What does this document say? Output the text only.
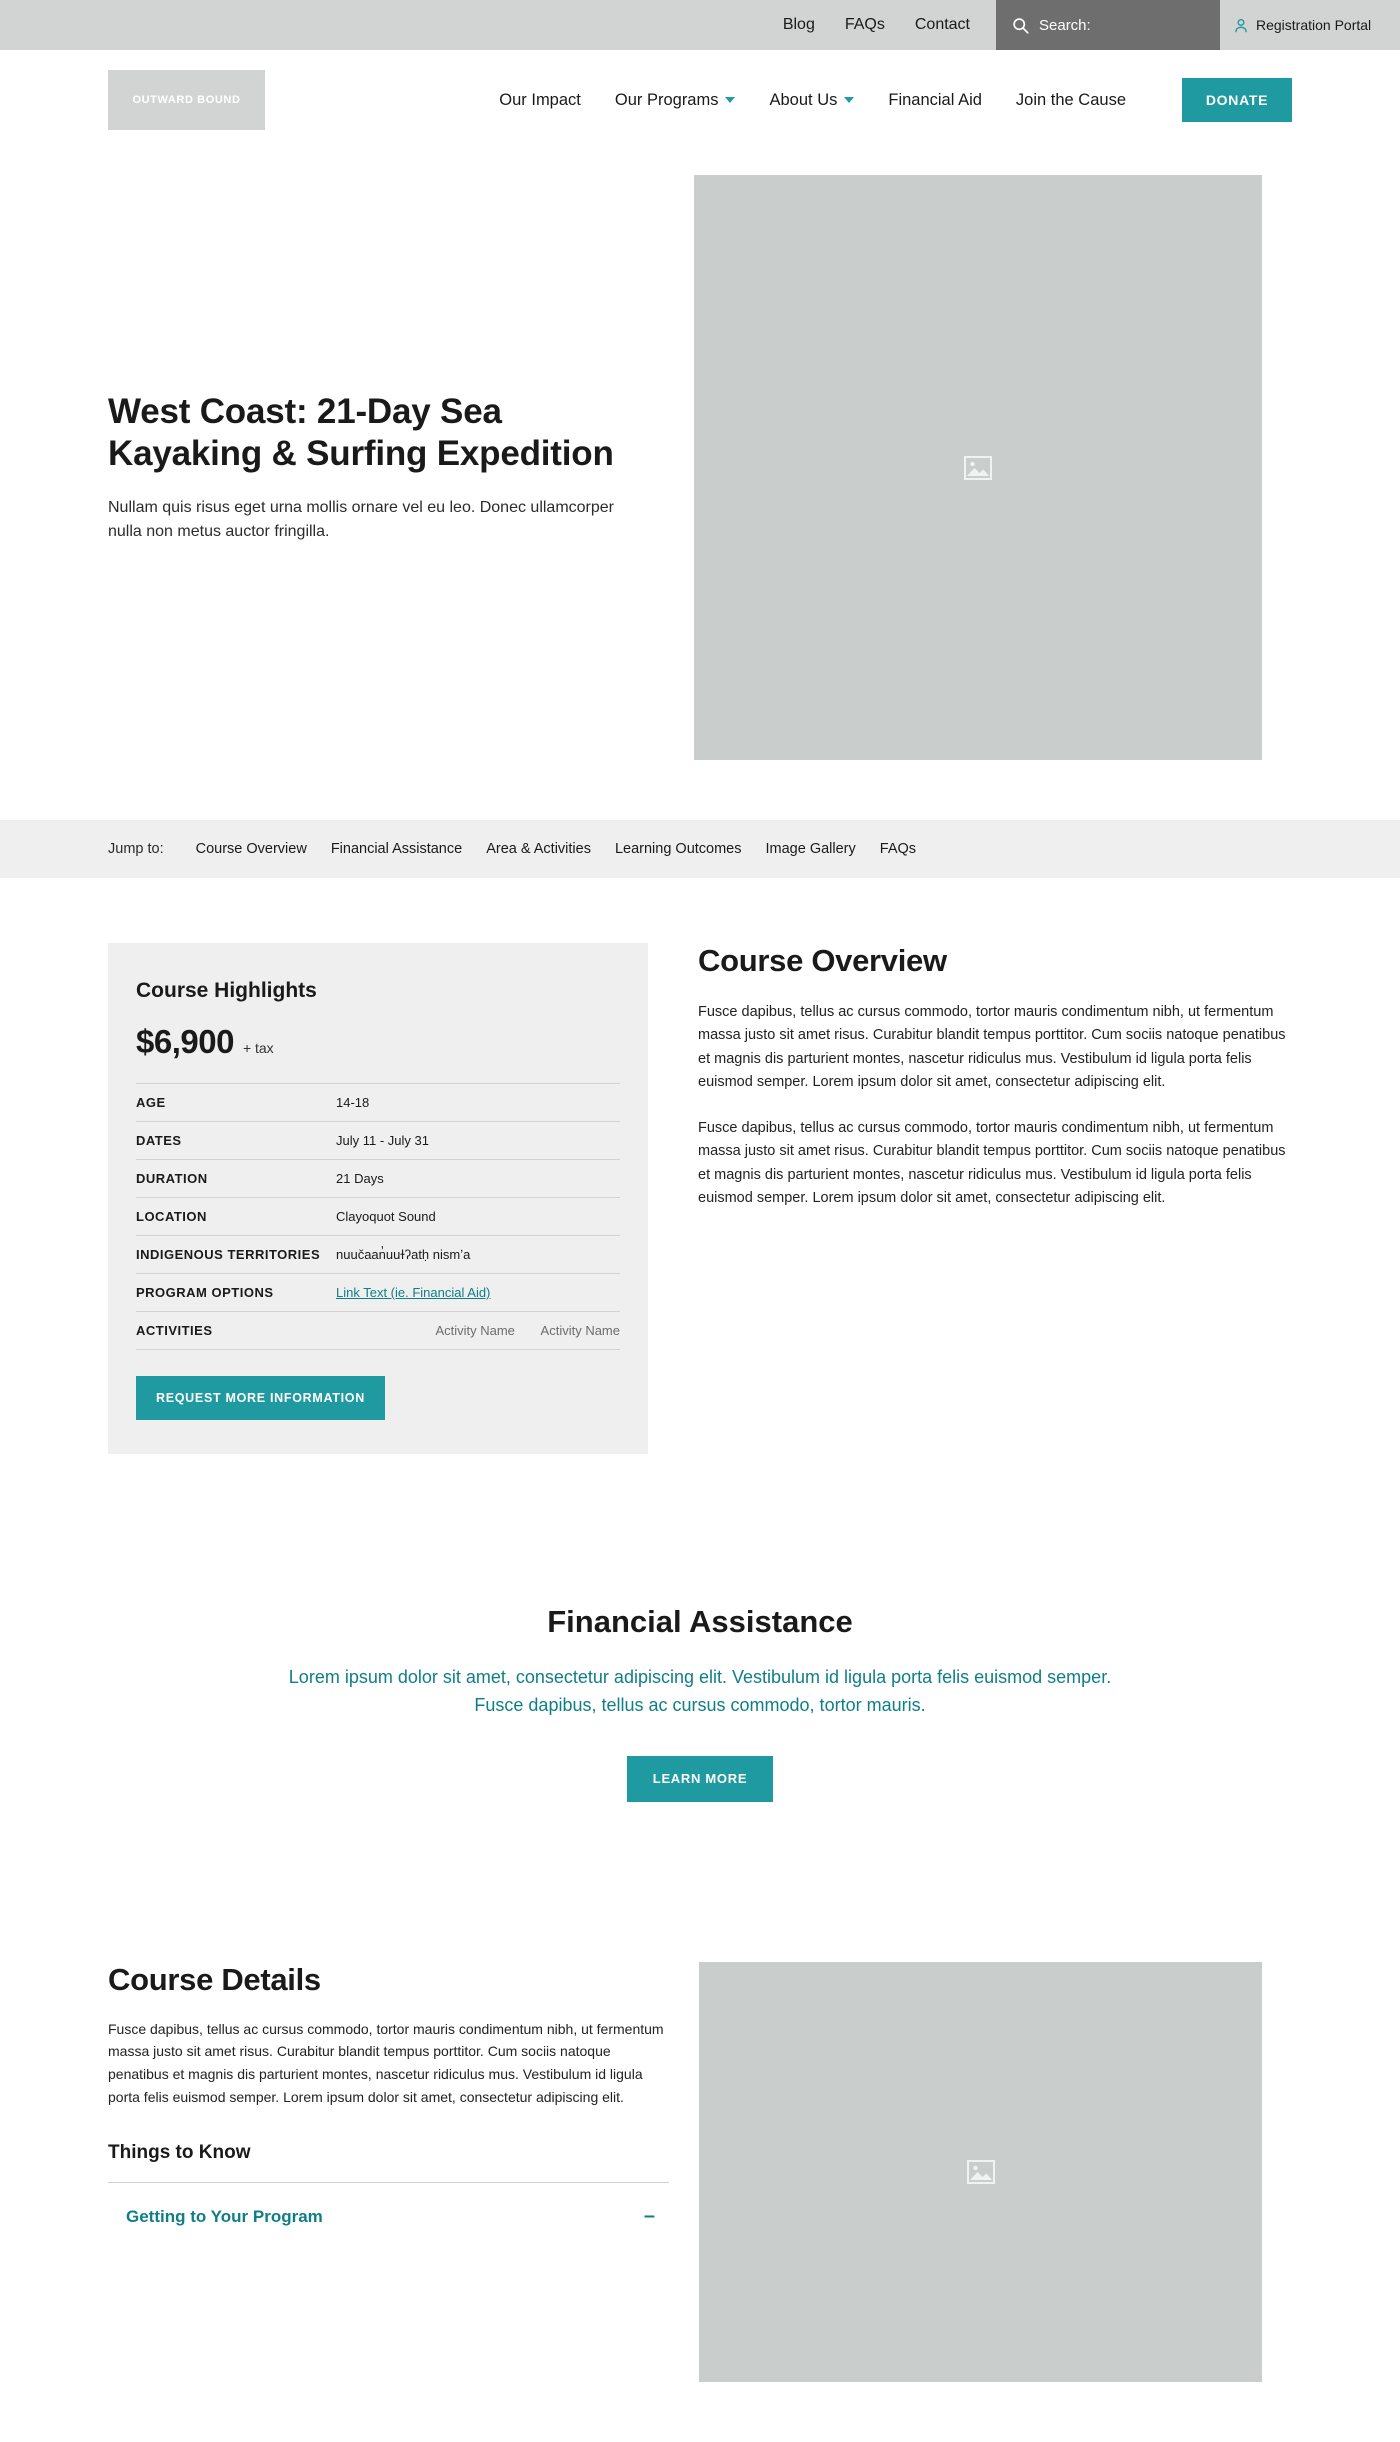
Blog FAQs Contact	Search:	Registration Portal
OUTWARD BOUND	Our Impact Our Programs	About Us	Financial Aid Join the Cause	DONATE
West Coast: 21-Day Sea Kayaking & Surfing Expedition

Nullam quis risus eget urna mollis ornare vel eu leo. Donec ullamcorper nulla non metus auctor fringilla.

Jump to: Course Overview Financial Assistance Area & Activities Learning Outcomes Image Gallery FAQs
Course Highlights
$6,900 + tax
AGE	14-18
DATES	July 11 - July 31
DURATION	21 Days
LOCATION	Clayoquot Sound
INDIGENOUS TERRITORIES	nuučaan̓uuɫʔatḥ nismʼa
PROGRAM OPTIONS	Link Text (ie. Financial Aid)
ACTIVITIES	Activity Name Activity Name
REQUEST MORE INFORMATION
Course Overview

Fusce dapibus, tellus ac cursus commodo, tortor mauris condimentum nibh, ut fermentum massa justo sit amet risus. Curabitur blandit tempus porttitor. Cum sociis natoque penatibus et magnis dis parturient montes, nascetur ridiculus mus. Vestibulum id ligula porta felis euismod semper. Lorem ipsum dolor sit amet, consectetur adipiscing elit.

Fusce dapibus, tellus ac cursus commodo, tortor mauris condimentum nibh, ut fermentum massa justo sit amet risus. Curabitur blandit tempus porttitor. Cum sociis natoque penatibus et magnis dis parturient montes, nascetur ridiculus mus. Vestibulum id ligula porta felis euismod semper. Lorem ipsum dolor sit amet, consectetur adipiscing elit.

Financial Assistance

Lorem ipsum dolor sit amet, consectetur adipiscing elit. Vestibulum id ligula porta felis euismod semper. Fusce dapibus, tellus ac cursus commodo, tortor mauris.

LEARN MORE
Course Details

Fusce dapibus, tellus ac cursus commodo, tortor mauris condimentum nibh, ut fermentum massa justo sit amet risus. Curabitur blandit tempus porttitor. Cum sociis natoque penatibus et magnis dis parturient montes, nascetur ridiculus mus. Vestibulum id ligula porta felis euismod semper. Lorem ipsum dolor sit amet, consectetur adipiscing elit.

Things to Know
Getting to Your Program	–
